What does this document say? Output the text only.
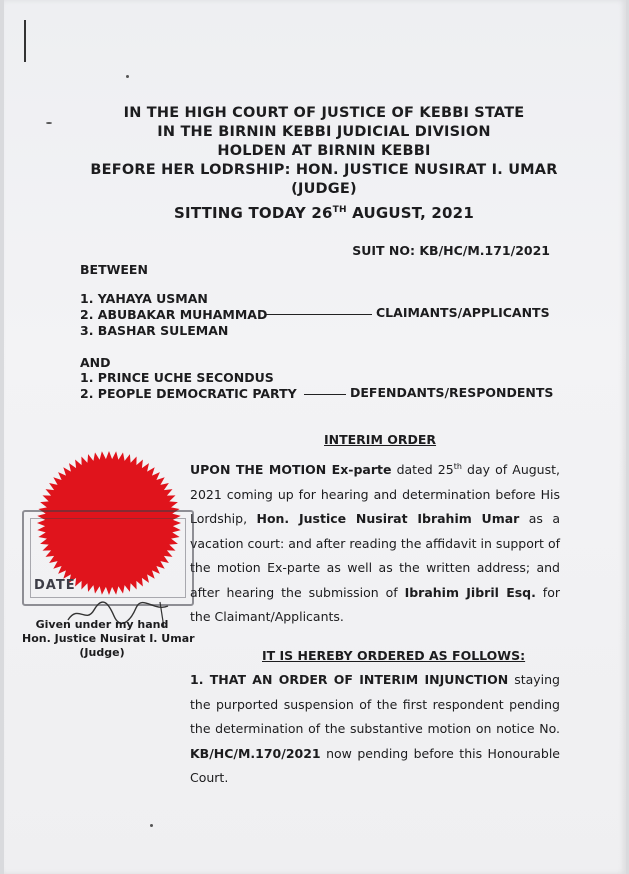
IN THE HIGH COURT OF JUSTICE OF KEBBI STATE
IN THE BIRNIN KEBBI JUDICIAL DIVISION
HOLDEN AT BIRNIN KEBBI
BEFORE HER LODRSHIP: HON. JUSTICE NUSIRAT I. UMAR
(JUDGE)
SITTING TODAY 26TH AUGUST, 2021
SUIT NO: KB/HC/M.171/2021
BETWEEN
1. YAHAYA USMAN
2. ABUBAKAR MUHAMMAD
3. BASHAR SULEMAN
CLAIMANTS/APPLICANTS
AND
1. PRINCE UCHE SECONDUS
2. PEOPLE DEMOCRATIC PARTY	DEFENDANTS/RESPONDENTS
INTERIM ORDER
UPON THE MOTION Ex-parte dated 25th day of August, 2021 coming up for hearing and determination before His Lordship, Hon. Justice Nusirat Ibrahim Umar as a vacation court: and after reading the affidavit in support of the motion Ex-parte as well as the written address; and after hearing the submission of Ibrahim Jibril Esq. for the Claimant/Applicants.
IT IS HEREBY ORDERED AS FOLLOWS:
1. THAT AN ORDER OF INTERIM INJUNCTION staying the purported suspension of the first respondent pending the determination of the substantive motion on notice No. KB/HC/M.170/2021 now pending before this Honourable Court.
DATE
Given under my hand
Hon. Justice Nusirat I. Umar
(Judge)
